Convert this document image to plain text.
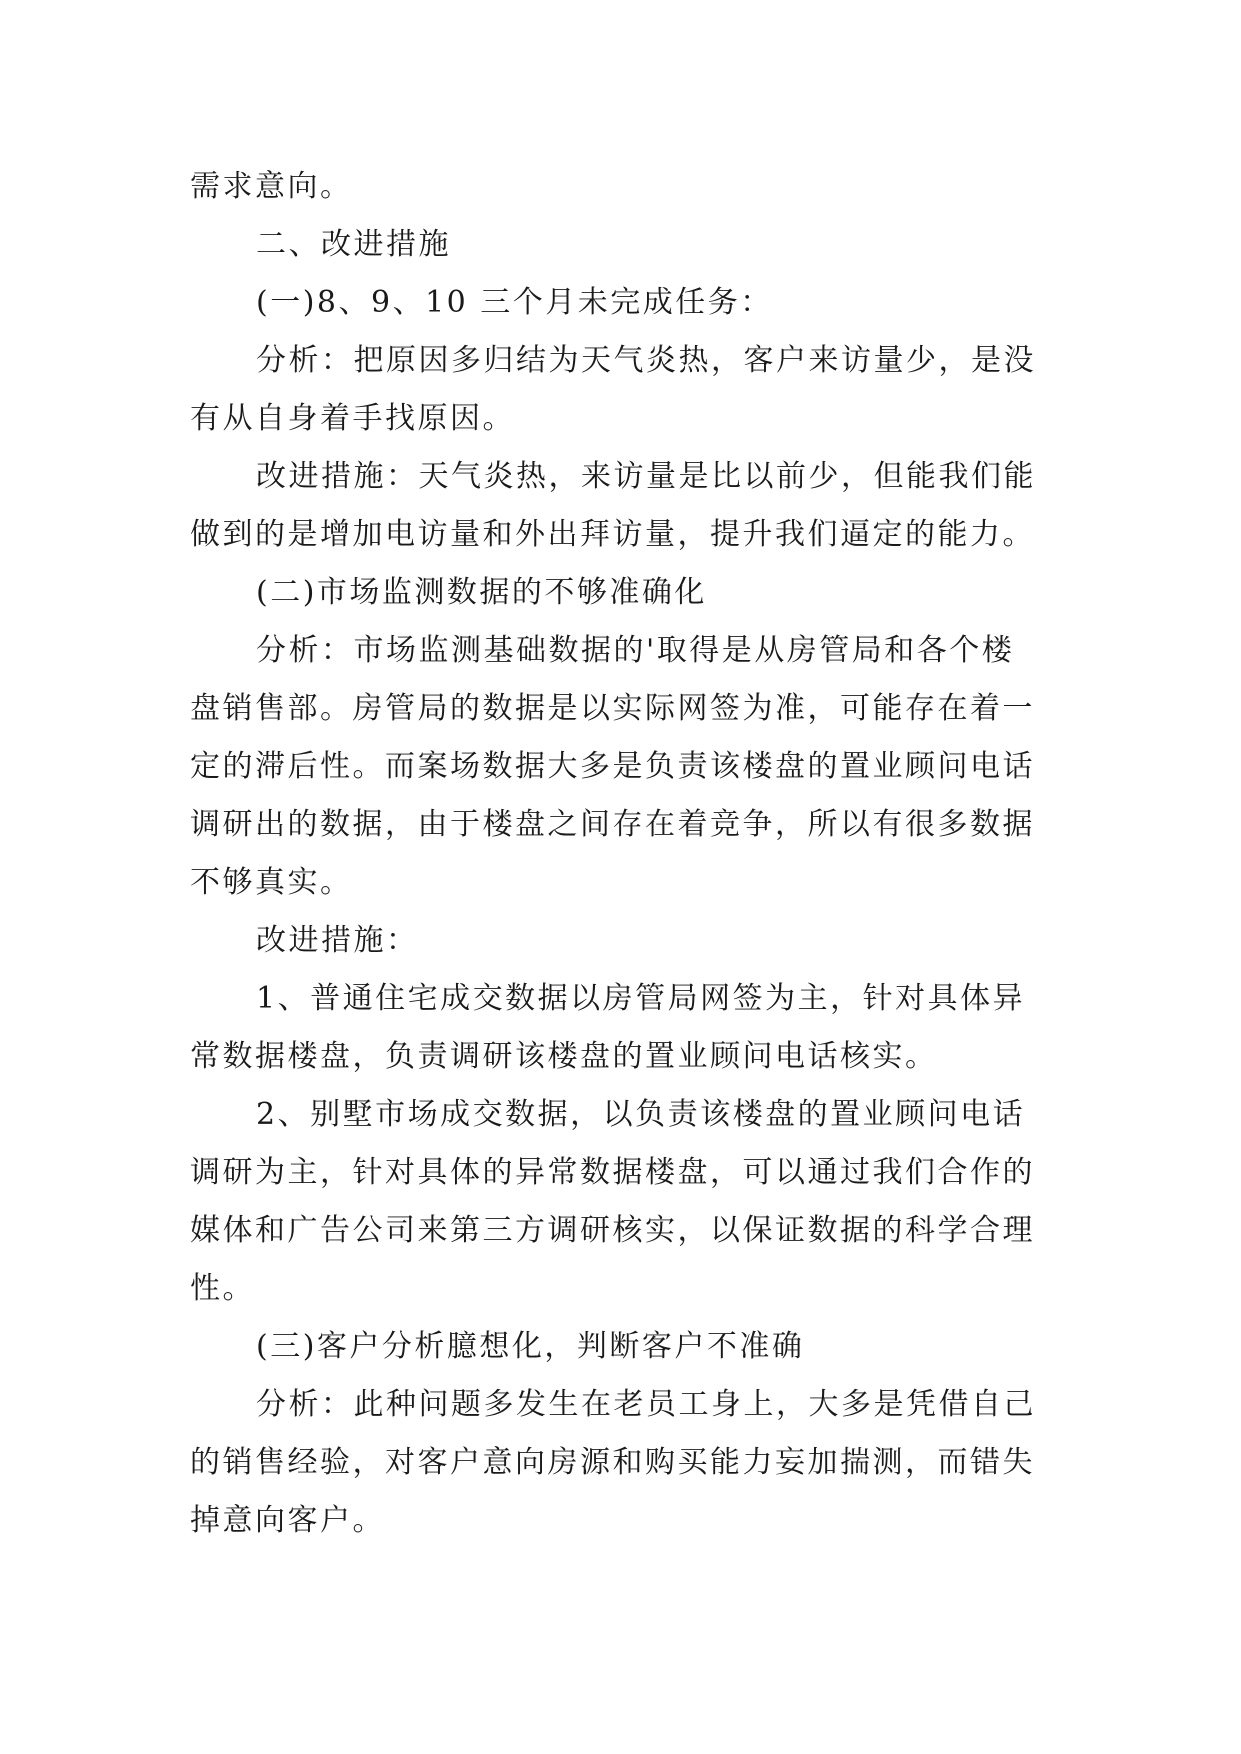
需求意向。
二、改进措施
(一)8、9、10 三个月未完成任务：
分析：把原因多归结为天气炎热，客户来访量少，是没
有从自身着手找原因。
改进措施：天气炎热，来访量是比以前少，但能我们能
做到的是增加电访量和外出拜访量，提升我们逼定的能力。
(二)市场监测数据的不够准确化
分析：市场监测基础数据的'取得是从房管局和各个楼
盘销售部。房管局的数据是以实际网签为准，可能存在着一
定的滞后性。而案场数据大多是负责该楼盘的置业顾问电话
调研出的数据，由于楼盘之间存在着竞争，所以有很多数据
不够真实。
改进措施：
1、普通住宅成交数据以房管局网签为主，针对具体异
常数据楼盘，负责调研该楼盘的置业顾问电话核实。
2、别墅市场成交数据，以负责该楼盘的置业顾问电话
调研为主，针对具体的异常数据楼盘，可以通过我们合作的
媒体和广告公司来第三方调研核实，以保证数据的科学合理
性。
(三)客户分析臆想化，判断客户不准确
分析：此种问题多发生在老员工身上，大多是凭借自己
的销售经验，对客户意向房源和购买能力妄加揣测，而错失
掉意向客户。
